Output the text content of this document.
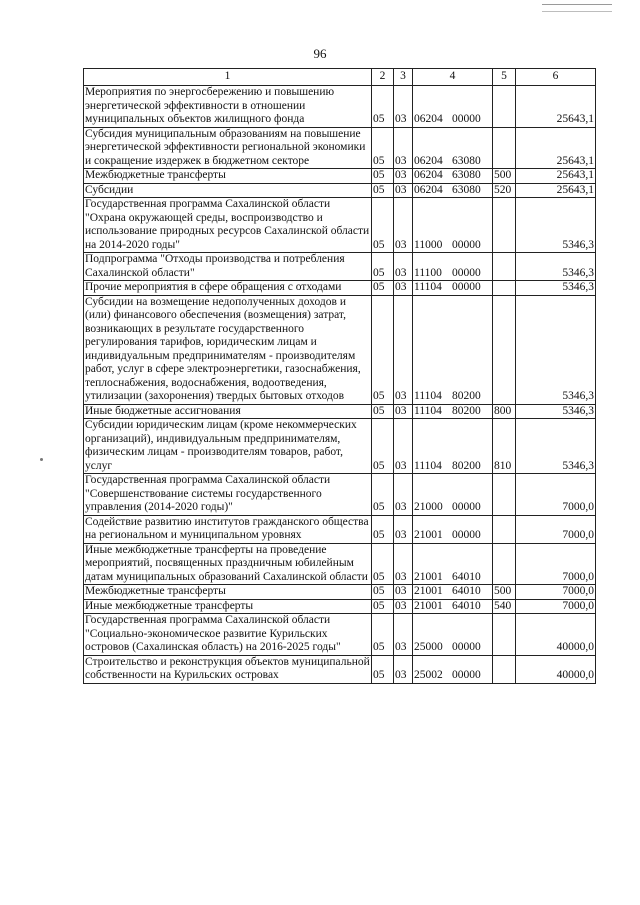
96
1	2	3	4	5	6
Мероприятия по энергосбережению и повышению энергетической эффективности в отношении муниципальных объектов жилищного фонда	05	03	06204 00000		25643,1
Субсидия муниципальным образованиям на повышение энергетической эффективности региональной экономики и сокращение издержек в бюджетном секторе	05	03	06204 63080		25643,1
Межбюджетные трансферты	05	03	06204 63080	500	25643,1
Субсидии	05	03	06204 63080	520	25643,1
Государственная программа Сахалинской области "Охрана окружающей среды, воспроизводство и использование природных ресурсов Сахалинской области на 2014-2020 годы"	05	03	11000 00000		5346,3
Подпрограмма "Отходы производства и потребления Сахалинской области"	05	03	11100 00000		5346,3
Прочие мероприятия в сфере обращения с отходами	05	03	11104 00000		5346,3
Субсидии на возмещение недополученных доходов и (или) финансового обеспечения (возмещения) затрат, возникающих в результате государственного регулирования тарифов, юридическим лицам и индивидуальным предпринимателям - производителям работ, услуг в сфере электроэнергетики, газоснабжения, теплоснабжения, водоснабжения, водоотведения, утилизации (захоронения) твердых бытовых отходов	05	03	11104 80200		5346,3
Иные бюджетные ассигнования	05	03	11104 80200	800	5346,3
Субсидии юридическим лицам (кроме некоммерческих организаций), индивидуальным предпринимателям, физическим лицам - производителям товаров, работ, услуг	05	03	11104 80200	810	5346,3
Государственная программа Сахалинской области "Совершенствование системы государственного управления (2014-2020 годы)"	05	03	21000 00000		7000,0
Содействие развитию институтов гражданского общества на региональном и муниципальном уровнях	05	03	21001 00000		7000,0
Иные межбюджетные трансферты на проведение мероприятий, посвященных праздничным юбилейным датам муниципальных образований Сахалинской области	05	03	21001 64010		7000,0
Межбюджетные трансферты	05	03	21001 64010	500	7000,0
Иные межбюджетные трансферты	05	03	21001 64010	540	7000,0
Государственная программа Сахалинской области "Социально-экономическое развитие Курильских островов (Сахалинская область) на 2016-2025 годы"	05	03	25000 00000		40000,0
Строительство и реконструкция объектов муниципальной собственности на Курильских островах	05	03	25002 00000		40000,0
